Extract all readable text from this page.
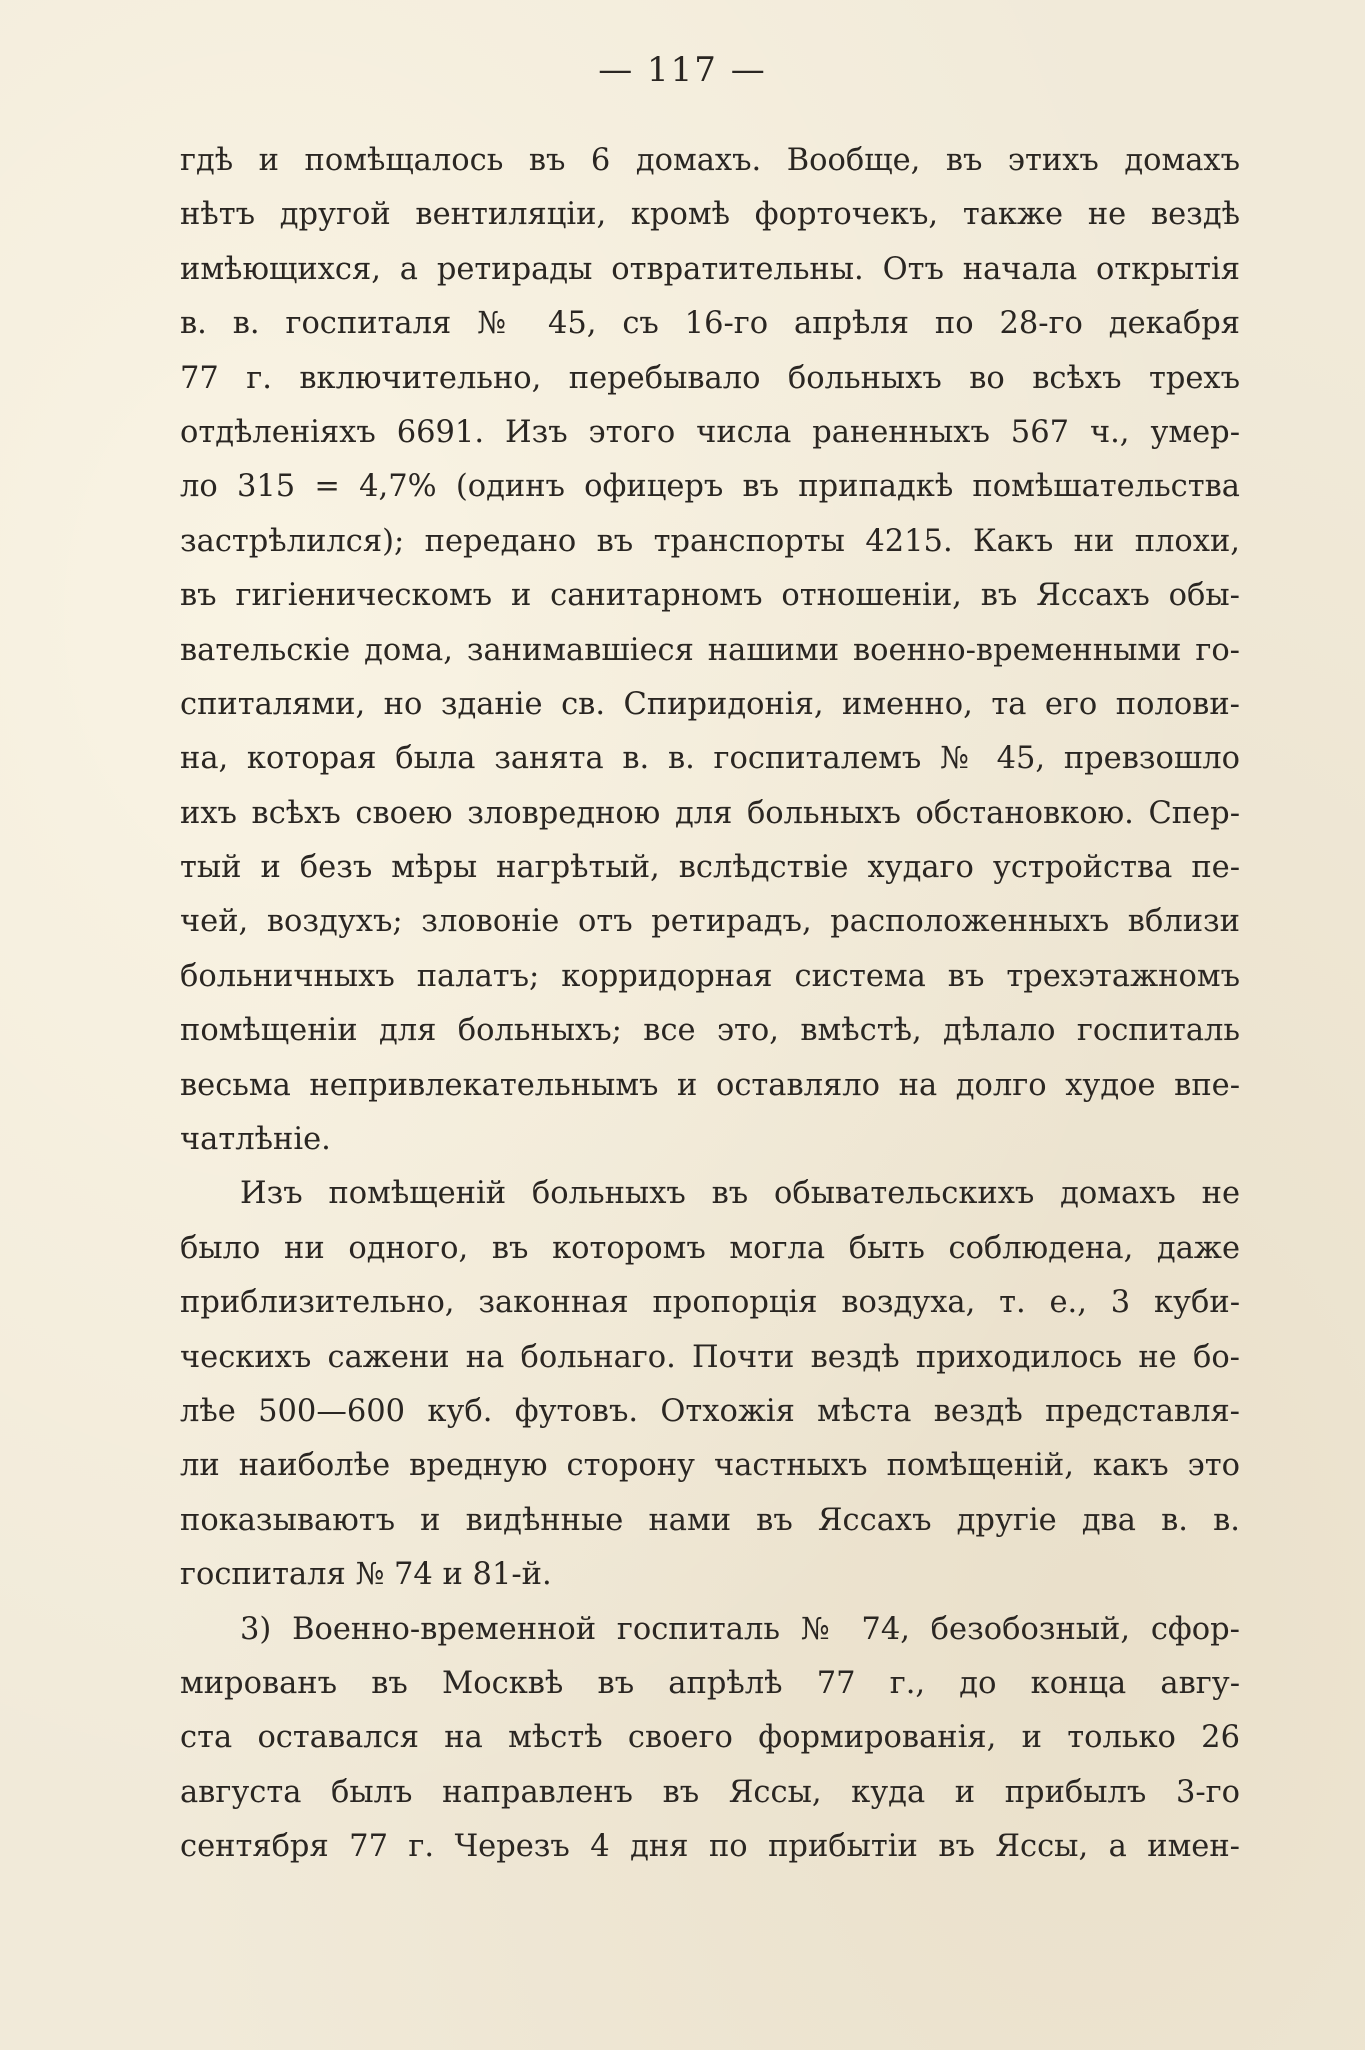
— 117 —

гдѣ и помѣщалось въ 6 домахъ. Вообще, въ этихъ домахъ
нѣтъ другой вентиляціи, кромѣ форточекъ, также не вездѣ
имѣющихся, а ретирады отвратительны. Отъ начала открытія
в. в. госпиталя № 45, съ 16-го апрѣля по 28-го декабря
77 г. включительно, перебывало больныхъ во всѣхъ трехъ
отдѣленіяхъ 6691. Изъ этого числа раненныхъ 567 ч., умер-
ло 315 = 4,7% (одинъ офицеръ въ припадкѣ помѣшательства
застрѣлился); передано въ транспорты 4215. Какъ ни плохи,
въ гигіеническомъ и санитарномъ отношеніи, въ Яссахъ обы-
вательскіе дома, занимавшіеся нашими военно-временными го-
спиталями, но зданіе св. Спиридонія, именно, та его полови-
на, которая была занята в. в. госпиталемъ № 45, превзошло
ихъ всѣхъ своею зловредною для больныхъ обстановкою. Спер-
тый и безъ мѣры нагрѣтый, вслѣдствіе худаго устройства пе-
чей, воздухъ; зловоніе отъ ретирадъ, расположенныхъ вблизи
больничныхъ палатъ; корридорная система въ трехэтажномъ
помѣщеніи для больныхъ; все это, вмѣстѣ, дѣлало госпиталь
весьма непривлекательнымъ и оставляло на долго худое впе-
чатлѣніе.

Изъ помѣщеній больныхъ въ обывательскихъ домахъ не
было ни одного, въ которомъ могла быть соблюдена, даже
приблизительно, законная пропорція воздуха, т. е., 3 куби-
ческихъ сажени на больнаго. Почти вездѣ приходилось не бо-
лѣе 500—600 куб. футовъ. Отхожія мѣста вездѣ представля-
ли наиболѣе вредную сторону частныхъ помѣщеній, какъ это
показываютъ и видѣнные нами въ Яссахъ другіе два в. в.
госпиталя № 74 и 81-й.

3) Военно-временной госпиталь № 74, безобозный, сфор-
мированъ въ Москвѣ въ апрѣлѣ 77 г., до конца авгу-
ста оставался на мѣстѣ своего формированія, и только 26
августа былъ направленъ въ Яссы, куда и прибылъ 3-го
сентября 77 г. Черезъ 4 дня по прибытіи въ Яссы, а имен-
